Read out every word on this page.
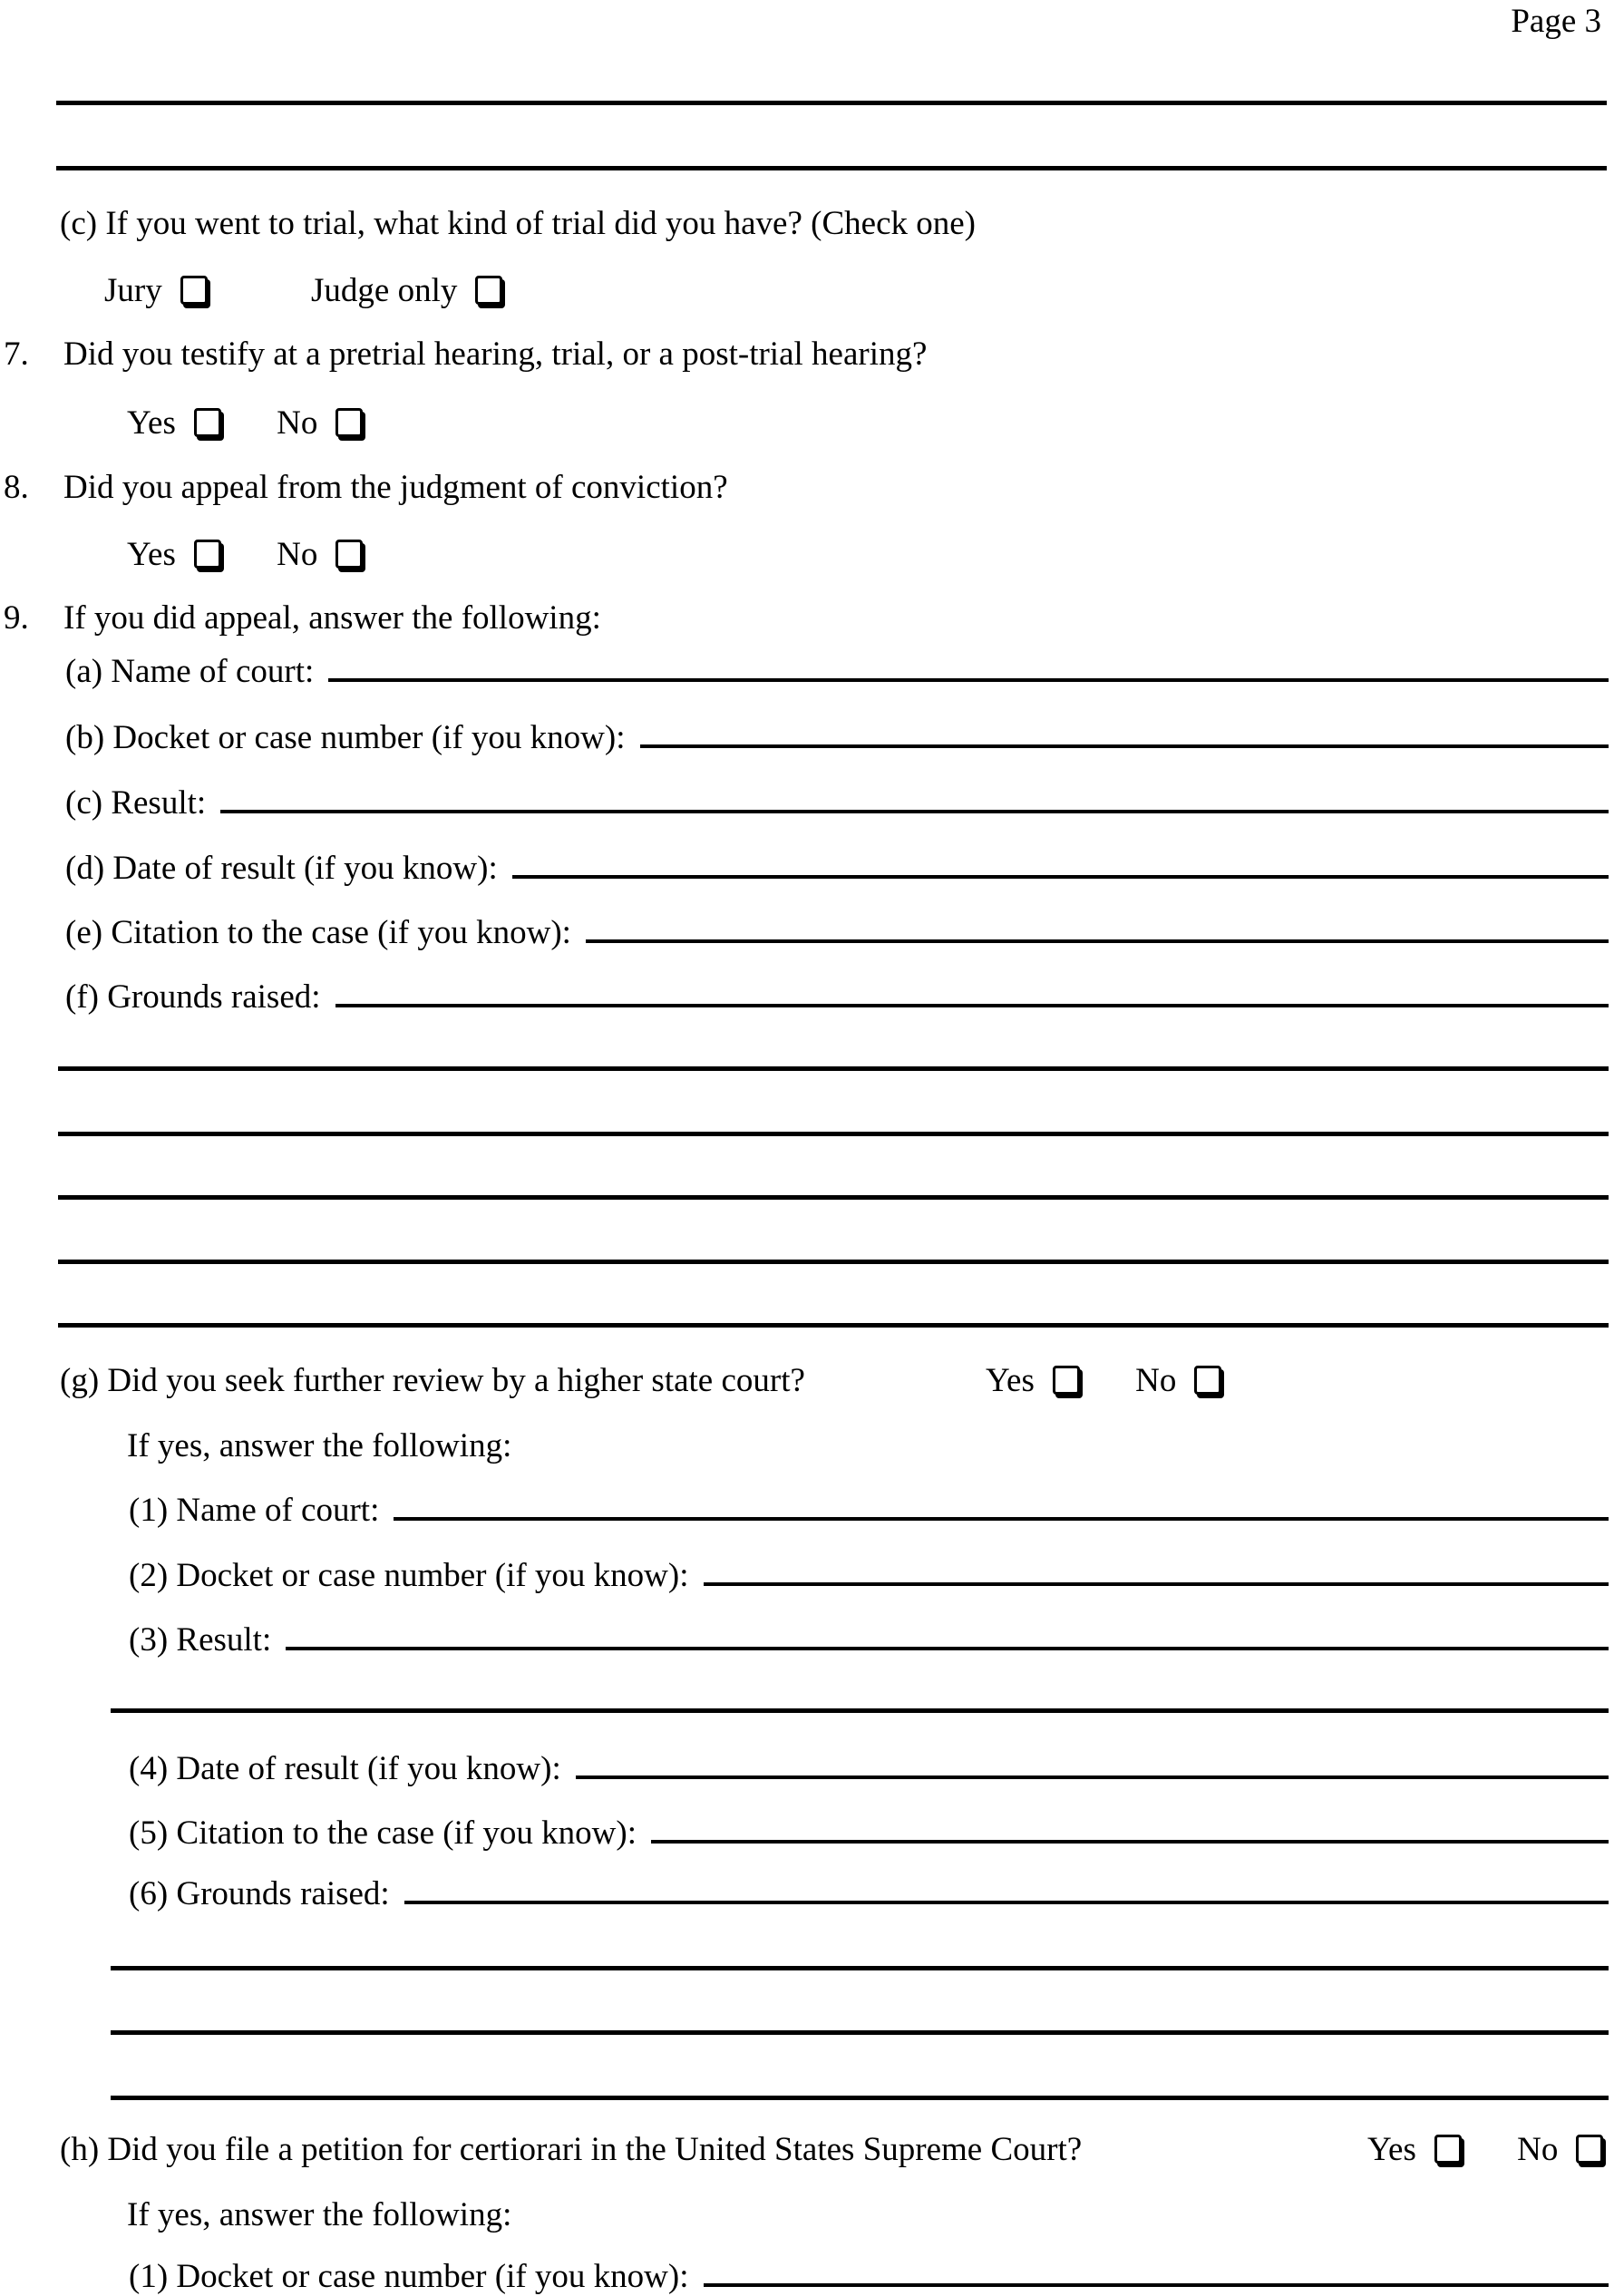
Page 3
(c) If you went to trial, what kind of trial did you have? (Check one)
Jury	Judge only
7. Did you testify at a pretrial hearing, trial, or a post-trial hearing?
Yes	No
8. Did you appeal from the judgment of conviction?
Yes	No
9. If you did appeal, answer the following:
(a) Name of court:
(b) Docket or case number (if you know):
(c) Result:
(d) Date of result (if you know):
(e) Citation to the case (if you know):
(f) Grounds raised:
(g) Did you seek further review by a higher state court?	Yes	No
If yes, answer the following:
(1) Name of court:
(2) Docket or case number (if you know):
(3) Result:
(4) Date of result (if you know):
(5) Citation to the case (if you know):
(6) Grounds raised:
(h) Did you file a petition for certiorari in the United States Supreme Court?	Yes	No
If yes, answer the following:
(1) Docket or case number (if you know):
